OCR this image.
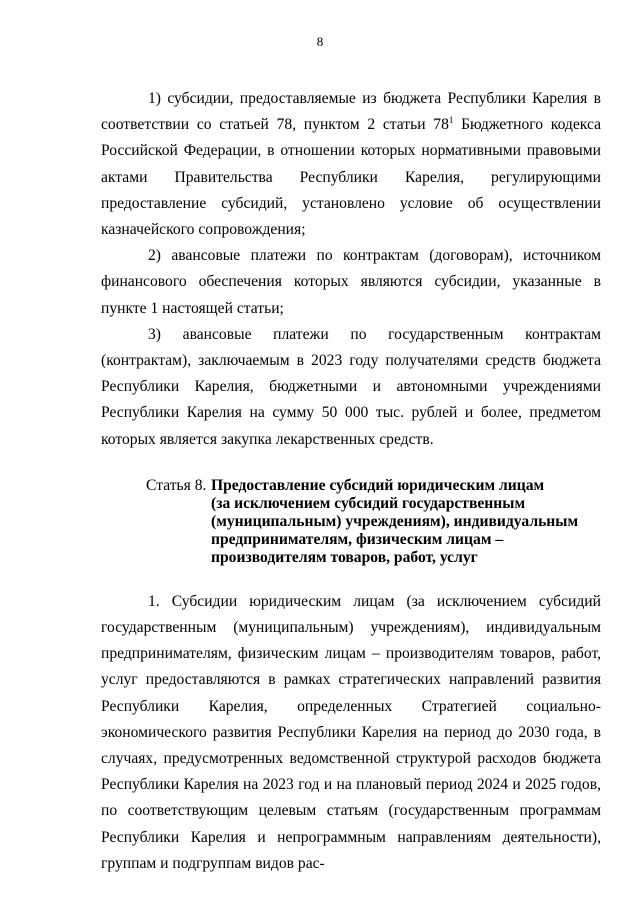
8

1) субсидии, предоставляемые из бюджета Республики Карелия в соответствии со статьей 78, пунктом 2 статьи $78^1$ Бюджетного кодекса Российской Федерации, в отношении которых нормативными правовыми актами Правительства Республики Карелия, регулирующими предоставление субсидий, установлено условие об осуществлении казначейского сопровождения;

2) авансовые платежи по контрактам (договорам), источником финансового обеспечения которых являются субсидии, указанные в пункте 1 настоящей статьи;

3) авансовые платежи по государственным контрактам (контрактам), заключаемым в 2023 году получателями средств бюджета Республики Карелия, бюджетными и автономными учреждениями Республики Карелия на сумму 50 000 тыс. рублей и более, предметом которых является закупка лекарственных средств.

Статья 8. Предоставление субсидий юридическим лицам
(за исключением субсидий государственным
(муниципальным) учреждениям), индивидуальным
предпринимателям, физическим лицам –
производителям товаров, работ, услуг

1. Субсидии юридическим лицам (за исключением субсидий государственным (муниципальным) учреждениям), индивидуальным предпринимателям, физическим лицам – производителям товаров, работ, услуг предоставляются в рамках стратегических направлений развития Республики Карелия, определенных Стратегией социально-экономического развития Республики Карелия на период до 2030 года, в случаях, предусмотренных ведомственной структурой расходов бюджета Республики Карелия на 2023 год и на плановый период 2024 и 2025 годов, по соответствующим целевым статьям (государственным программам Республики Карелия и непрограммным направлениям деятельности), группам и подгруппам видов рас-
